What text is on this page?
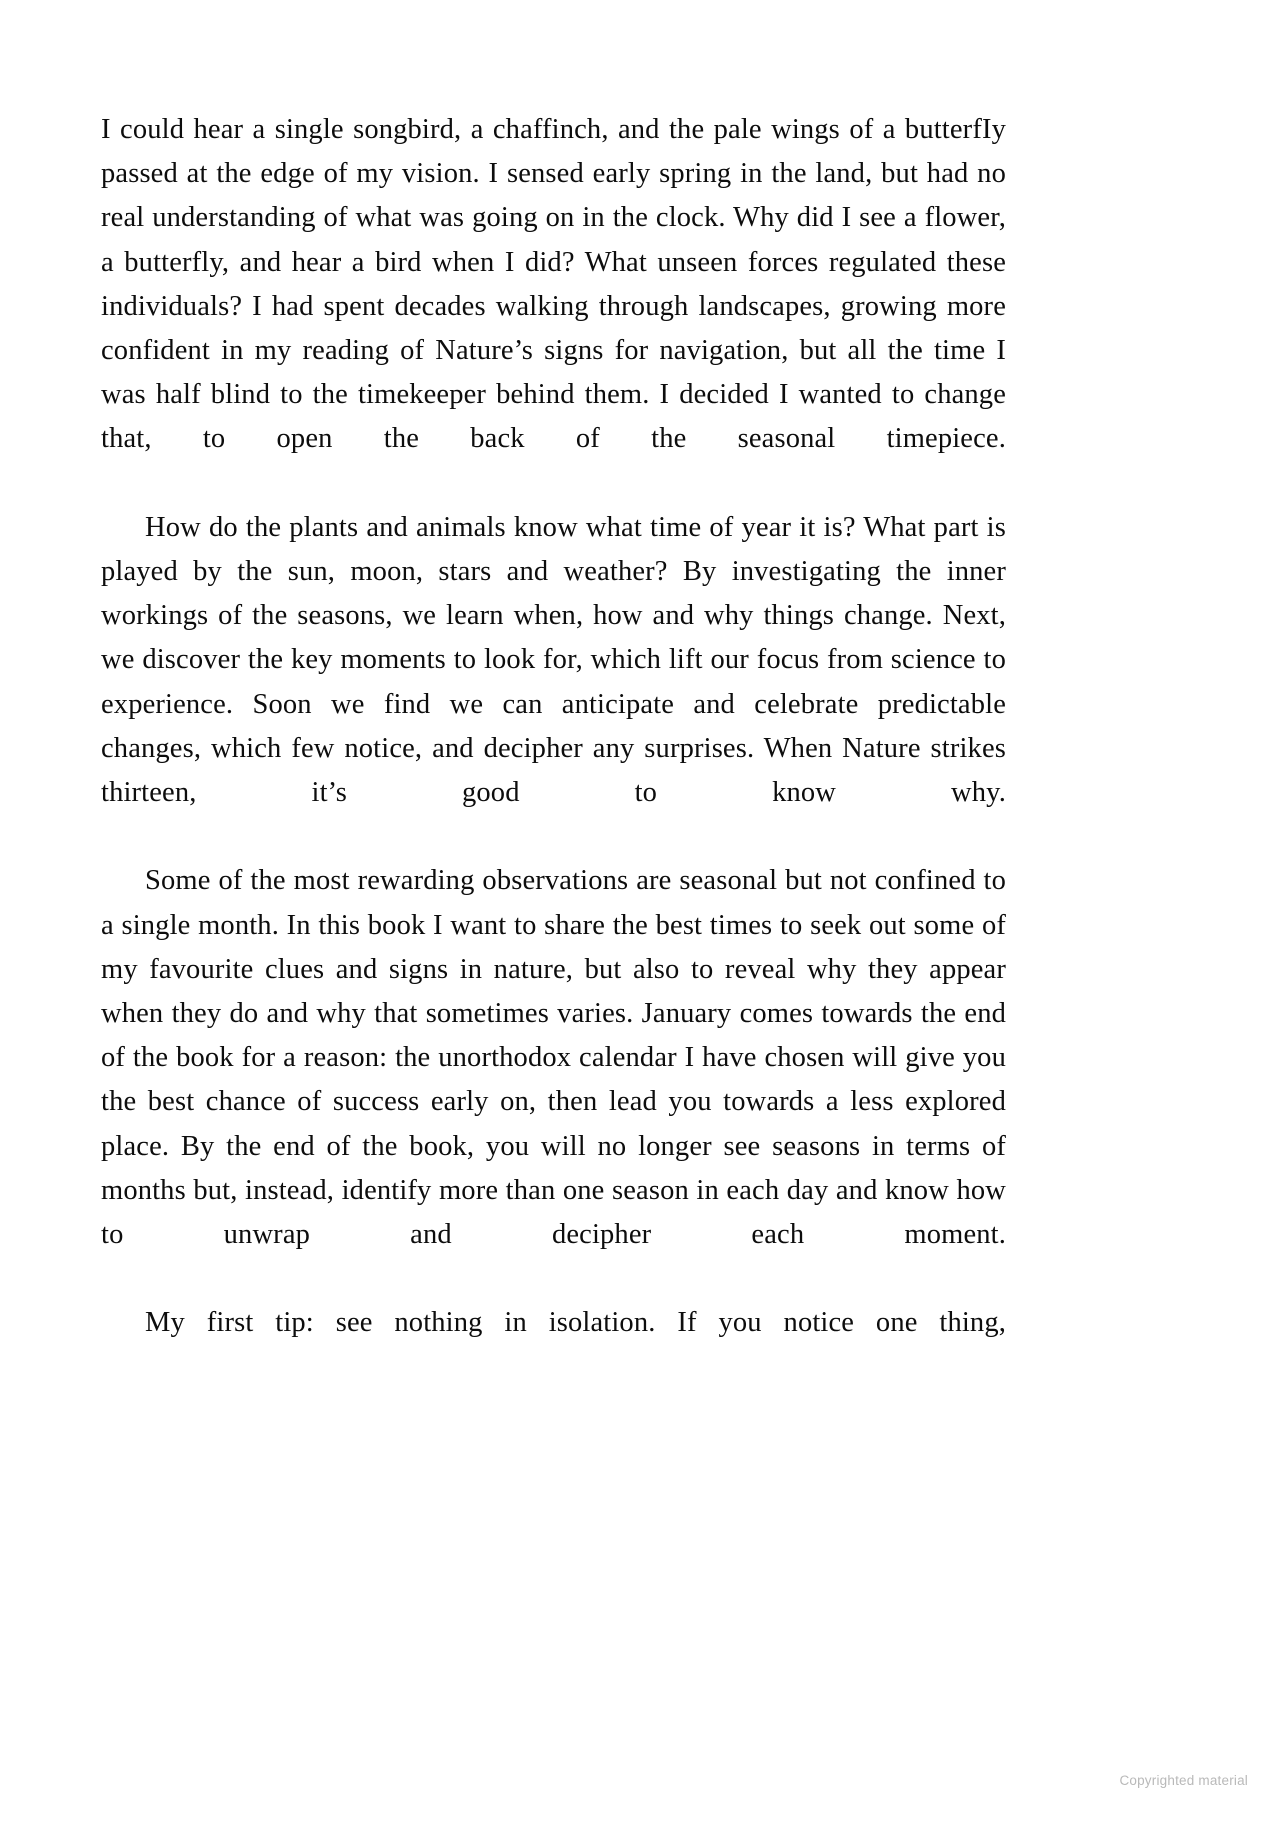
I could hear a single songbird, a chaffinch, and the pale wings of a butterfIy passed at the edge of my vision. I sensed early spring in the land, but had no real understanding of what was going on in the clock. Why did I see a flower, a butterfly, and hear a bird when I did? What unseen forces regulated these individuals? I had spent decades walking through landscapes, growing more confident in my reading of Nature’s signs for navigation, but all the time I was half blind to the timekeeper behind them. I decided I wanted to change that, to open the back of the seasonal timepiece.

How do the plants and animals know what time of year it is? What part is played by the sun, moon, stars and weather? By investigating the inner workings of the seasons, we learn when, how and why things change. Next, we discover the key moments to look for, which lift our focus from science to experience. Soon we find we can anticipate and celebrate predictable changes, which few notice, and decipher any surprises. When Nature strikes thirteen, it’s good to know why.

Some of the most rewarding observations are seasonal but not confined to a single month. In this book I want to share the best times to seek out some of my favourite clues and signs in nature, but also to reveal why they appear when they do and why that sometimes varies. January comes towards the end of the book for a reason: the unorthodox calendar I have chosen will give you the best chance of success early on, then lead you towards a less explored place. By the end of the book, you will no longer see seasons in terms of months but, instead, identify more than one season in each day and know how to unwrap and decipher each moment.

My first tip: see nothing in isolation. If you notice one thing,

Copyrighted material
